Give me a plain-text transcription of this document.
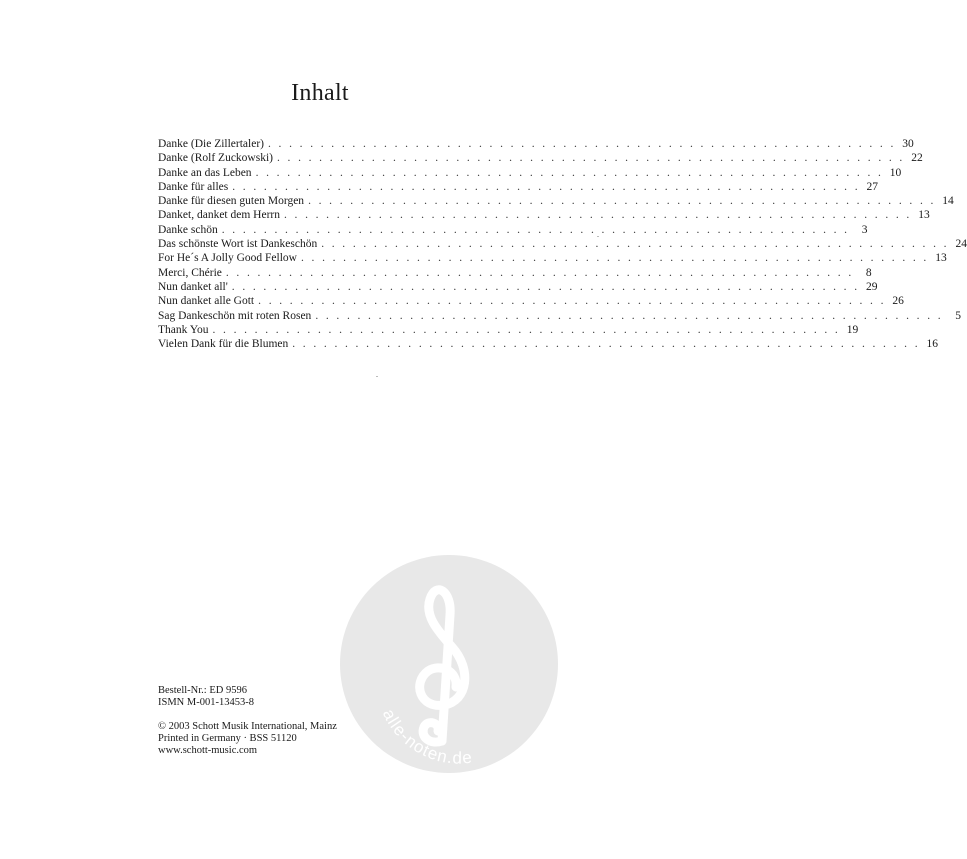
Inhalt
Danke (Die Zillertaler) . . . . . . . . . . . . . . . . . . . . . . . . . . . . . . . . . . . . . . . . . . . . . . . . . . . . . . . . . . . . 30
Danke (Rolf Zuckowski) . . . . . . . . . . . . . . . . . . . . . . . . . . . . . . . . . . . . . . . . . . . . . . . . . . . . . . . . . . . . 22
Danke an das Leben . . . . . . . . . . . . . . . . . . . . . . . . . . . . . . . . . . . . . . . . . . . . . . . . . . . . . . . . . . . . 10
Danke für alles . . . . . . . . . . . . . . . . . . . . . . . . . . . . . . . . . . . . . . . . . . . . . . . . . . . . . . . . . . . . 27
Danke für diesen guten Morgen . . . . . . . . . . . . . . . . . . . . . . . . . . . . . . . . . . . . . . . . . . . . . . . . . . . . . . . . . . . . 14
Danket, danket dem Herrn . . . . . . . . . . . . . . . . . . . . . . . . . . . . . . . . . . . . . . . . . . . . . . . . . . . . . . . . . . . . 13
Danke schön . . . . . . . . . . . . . . . . . . . . . . . . . . . . . . . . . . . . . . . . . . . . . . . . . . . . . . . . . . . .	3
Das schönste Wort ist Dankeschön . . . . . . . . . . . . . . . . . . . . . . . . . . . . . . . . . . . . . . . . . . . . . . . . . . . . . . . . . . . . 24
For He´s A Jolly Good Fellow . . . . . . . . . . . . . . . . . . . . . . . . . . . . . . . . . . . . . . . . . . . . . . . . . . . . . . . . . . . . 13
Merci, Chérie . . . . . . . . . . . . . . . . . . . . . . . . . . . . . . . . . . . . . . . . . . . . . . . . . . . . . . . . . . . .	8
Nun danket all' . . . . . . . . . . . . . . . . . . . . . . . . . . . . . . . . . . . . . . . . . . . . . . . . . . . . . . . . . . . . 29
Nun danket alle Gott . . . . . . . . . . . . . . . . . . . . . . . . . . . . . . . . . . . . . . . . . . . . . . . . . . . . . . . . . . . . 26
Sag Dankeschön mit roten Rosen . . . . . . . . . . . . . . . . . . . . . . . . . . . . . . . . . . . . . . . . . . . . . . . . . . . . . . . . . . . .	5
Thank You . . . . . . . . . . . . . . . . . . . . . . . . . . . . . . . . . . . . . . . . . . . . . . . . . . . . . . . . . . . . 19
Vielen Dank für die Blumen . . . . . . . . . . . . . . . . . . . . . . . . . . . . . . . . . . . . . . . . . . . . . . . . . . . . . . . . . . . . 16
Bestell-Nr.: ED 9596
ISMN M-001-13453-8
© 2003 Schott Musik International, Mainz
Printed in Germany · BSS 51120
www.schott-music.com
alle-noten.de
